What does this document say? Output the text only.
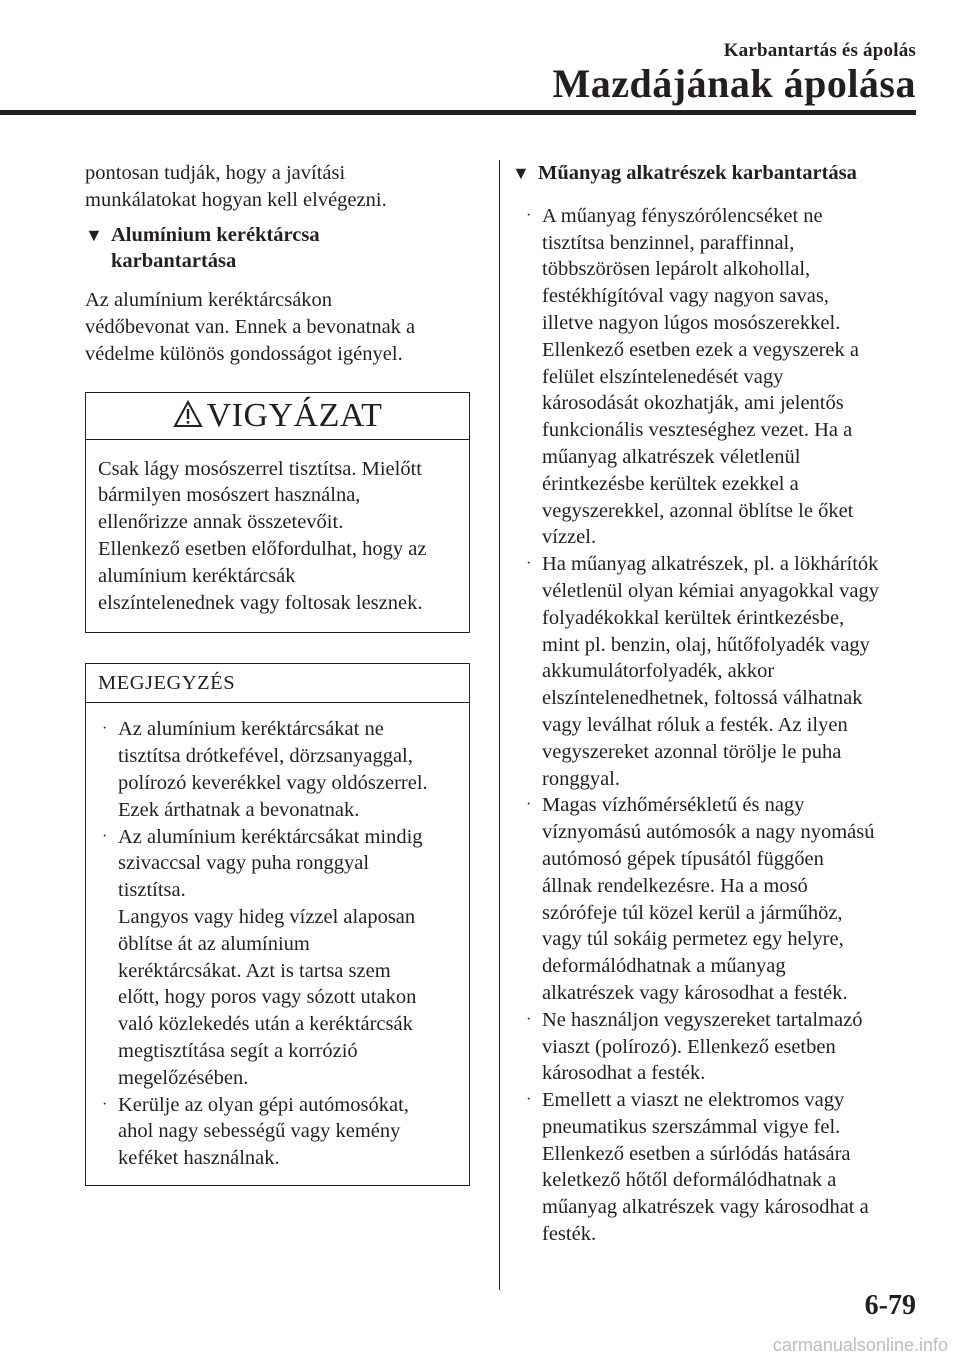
Karbantartás és ápolás
Mazdájának ápolása

pontosan tudják, hogy a javítási
munkálatokat hogyan kell elvégezni.

▼ Alumínium keréktárcsa
karbantartása

Az alumínium keréktárcsákon
védőbevonat van. Ennek a bevonatnak a
védelme különös gondosságot igényel.

VIGYÁZAT

Csak lágy mosószerrel tisztítsa. Mielőtt
bármilyen mosószert használna,
ellenőrizze annak összetevőit.
Ellenkező esetben előfordulhat, hogy az
alumínium keréktárcsák
elszíntelenednek vagy foltosak lesznek.

MEGJEGYZÉS
· Az alumínium keréktárcsákat ne
tisztítsa drótkefével, dörzsanyaggal,
polírozó keverékkel vagy oldószerrel.
Ezek árthatnak a bevonatnak.
· Az alumínium keréktárcsákat mindig
szivaccsal vagy puha ronggyal
tisztítsa.
Langyos vagy hideg vízzel alaposan
öblítse át az alumínium
keréktárcsákat. Azt is tartsa szem
előtt, hogy poros vagy sózott utakon
való közlekedés után a keréktárcsák
megtisztítása segít a korrózió
megelőzésében.
· Kerülje az olyan gépi autómosókat,
ahol nagy sebességű vagy kemény
keféket használnak.
▼ Műanyag alkatrészek karbantartása
· A műanyag fényszórólencséket ne
tisztítsa benzinnel, paraffinnal,
többszörösen lepárolt alkohollal,
festékhígítóval vagy nagyon savas,
illetve nagyon lúgos mosószerekkel.
Ellenkező esetben ezek a vegyszerek a
felület elszíntelenedését vagy
károsodását okozhatják, ami jelentős
funkcionális veszteséghez vezet. Ha a
műanyag alkatrészek véletlenül
érintkezésbe kerültek ezekkel a
vegyszerekkel, azonnal öblítse le őket
vízzel.
· Ha műanyag alkatrészek, pl. a lökhárítók
véletlenül olyan kémiai anyagokkal vagy
folyadékokkal kerültek érintkezésbe,
mint pl. benzin, olaj, hűtőfolyadék vagy
akkumulátorfolyadék, akkor
elszíntelenedhetnek, foltossá válhatnak
vagy leválhat róluk a festék. Az ilyen
vegyszereket azonnal törölje le puha
ronggyal.
· Magas vízhőmérsékletű és nagy
víznyomású autómosók a nagy nyomású
autómosó gépek típusától függően
állnak rendelkezésre. Ha a mosó
szórófeje túl közel kerül a járműhöz,
vagy túl sokáig permetez egy helyre,
deformálódhatnak a műanyag
alkatrészek vagy károsodhat a festék.
· Ne használjon vegyszereket tartalmazó
viaszt (polírozó). Ellenkező esetben
károsodhat a festék.
· Emellett a viaszt ne elektromos vagy
pneumatikus szerszámmal vigye fel.
Ellenkező esetben a súrlódás hatására
keletkező hőtől deformálódhatnak a
műanyag alkatrészek vagy károsodhat a
festék.
6-79
carmanualsonline.info
